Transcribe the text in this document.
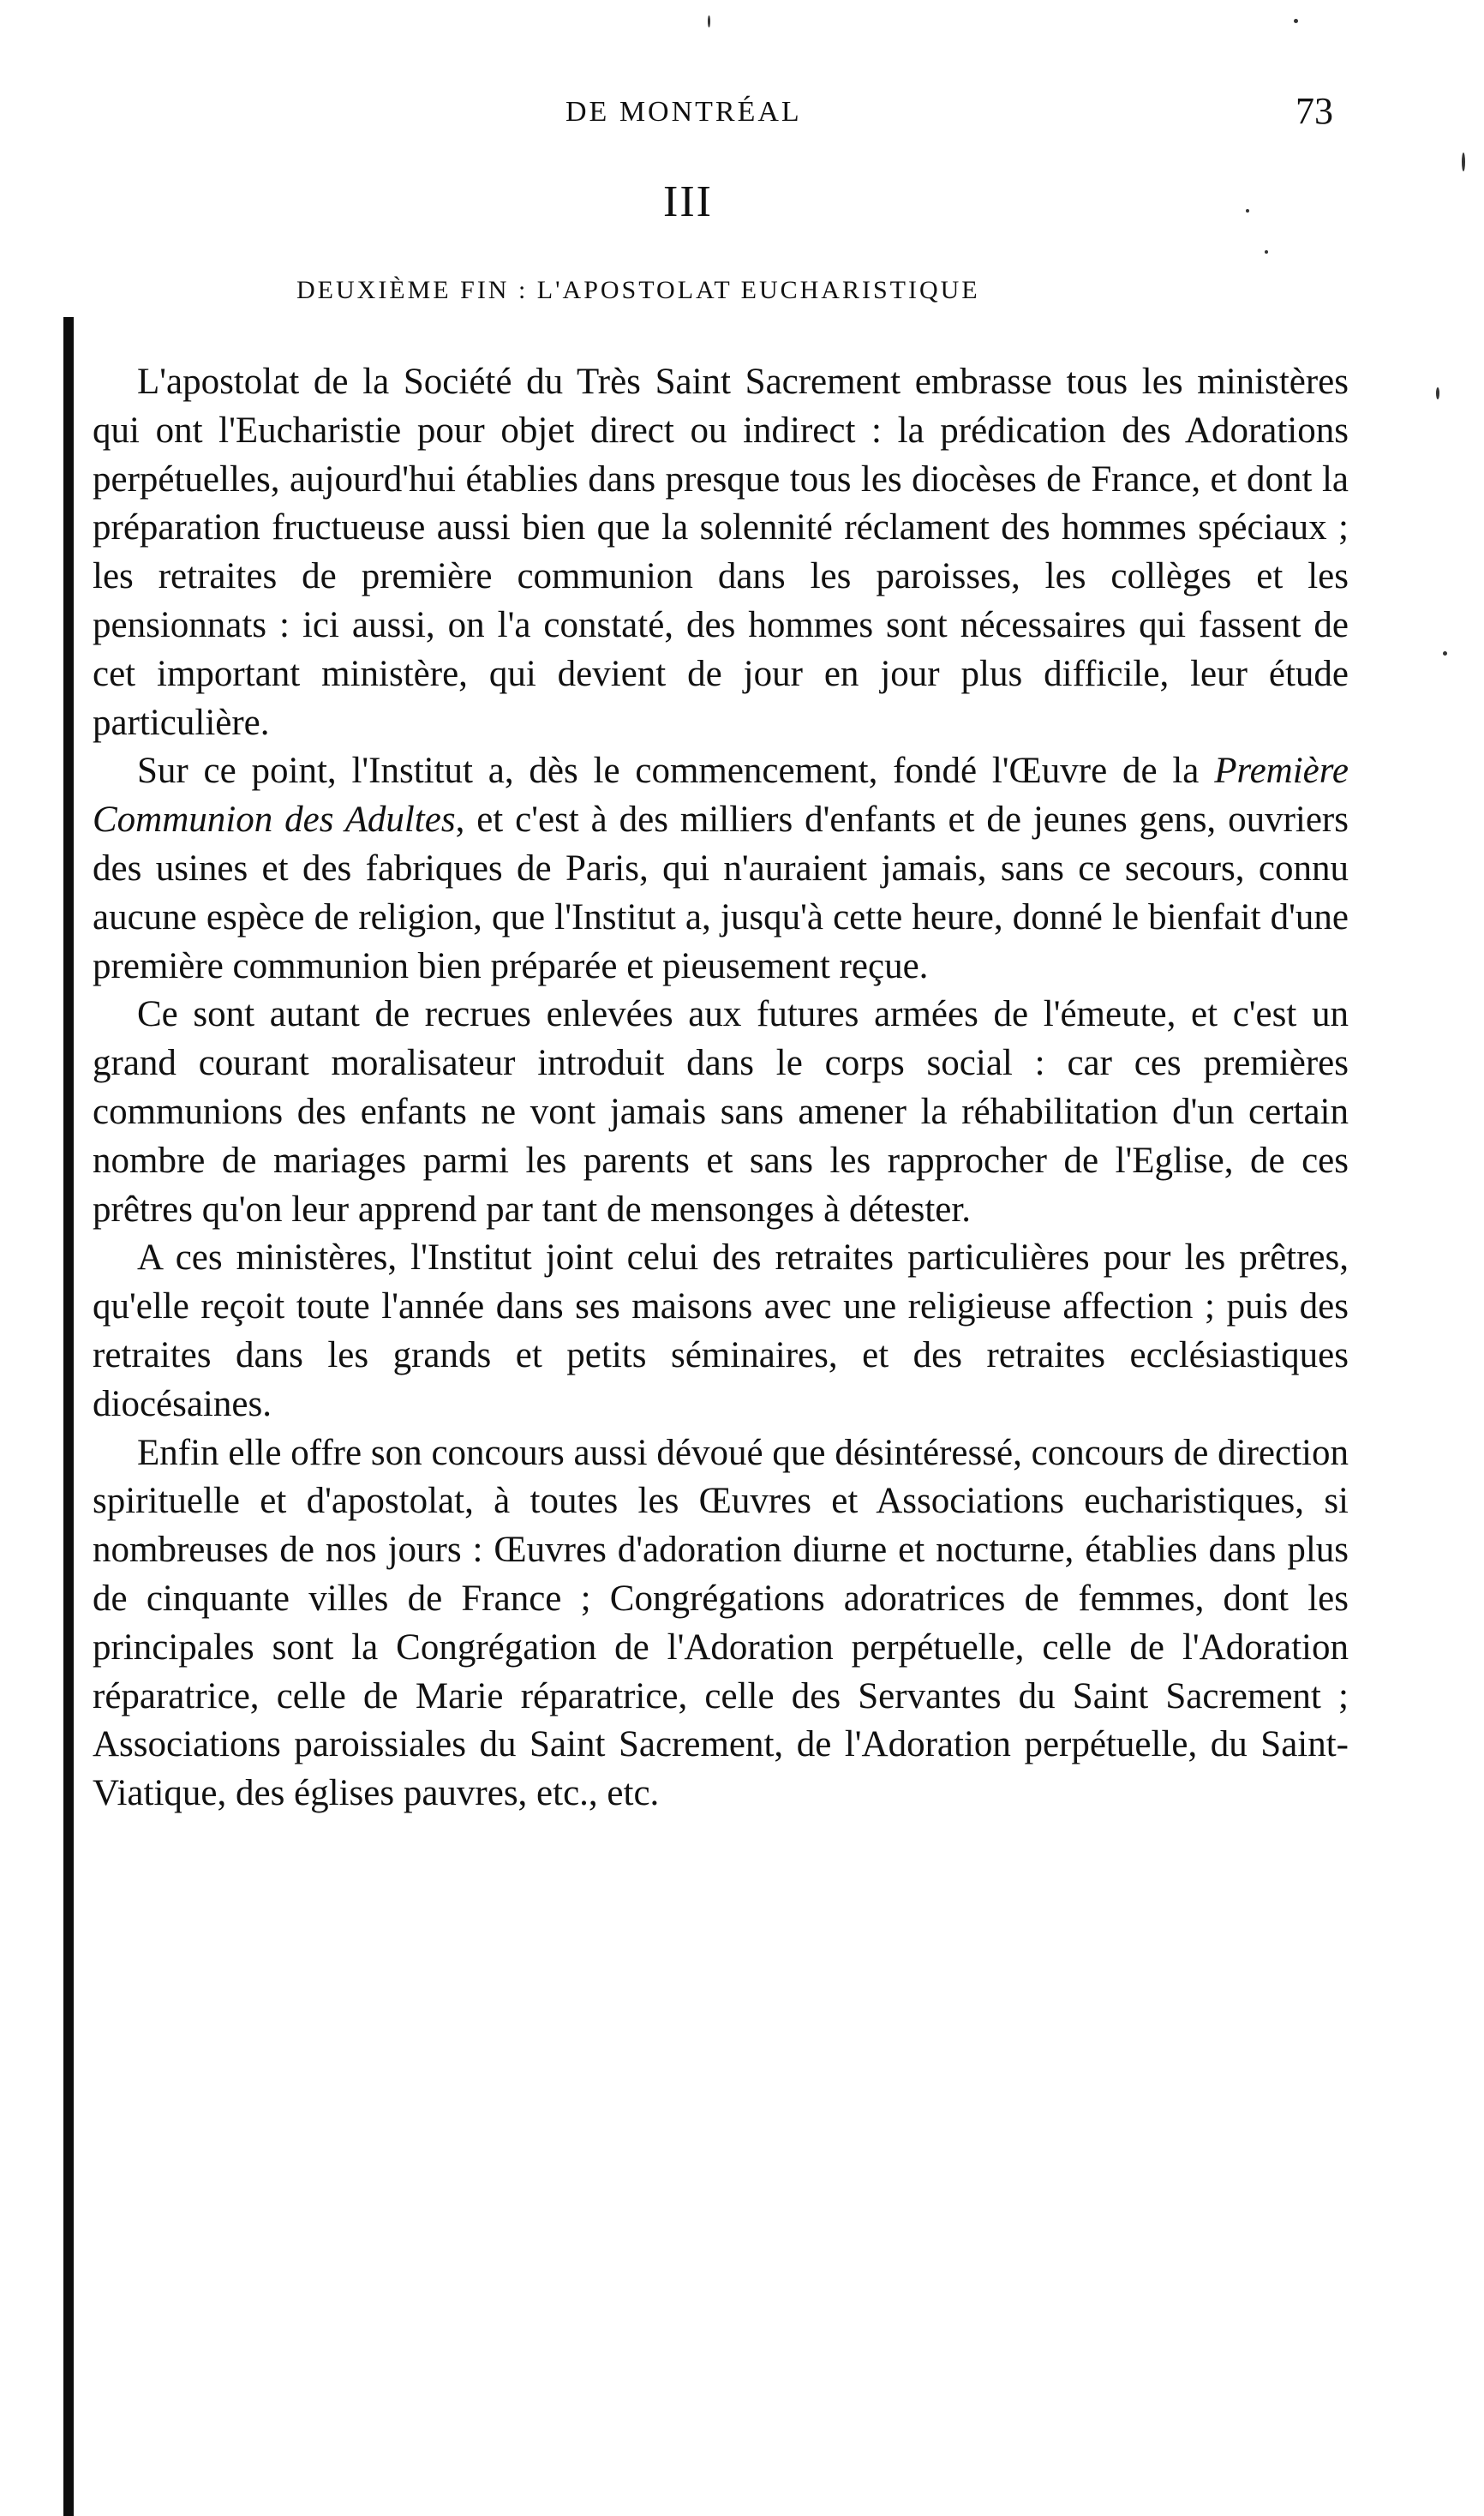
DE MONTRÉAL	73
III
DEUXIÈME FIN : L'APOSTOLAT EUCHARISTIQUE

L'apostolat de la Société du Très Saint Sacrement embrasse tous les ministères qui ont l'Eucharistie pour objet direct ou indirect : la prédication des Adorations perpétuelles, aujourd'hui établies dans presque tous les diocèses de France, et dont la préparation fructueuse aussi bien que la solennité réclament des hommes spéciaux ; les retraites de première communion dans les paroisses, les collèges et les pensionnats : ici aussi, on l'a constaté, des hommes sont nécessaires qui fassent de cet important ministère, qui devient de jour en jour plus difficile, leur étude particulière.

Sur ce point, l'Institut a, dès le commencement, fondé l'Œuvre de la Première Communion des Adultes, et c'est à des milliers d'enfants et de jeunes gens, ouvriers des usines et des fabriques de Paris, qui n'auraient jamais, sans ce secours, connu aucune espèce de religion, que l'Institut a, jusqu'à cette heure, donné le bienfait d'une première communion bien préparée et pieusement reçue.

Ce sont autant de recrues enlevées aux futures armées de l'émeute, et c'est un grand courant moralisateur introduit dans le corps social : car ces premières communions des enfants ne vont jamais sans amener la réhabilitation d'un certain nombre de mariages parmi les parents et sans les rapprocher de l'Eglise, de ces prêtres qu'on leur apprend par tant de mensonges à détester.

A ces ministères, l'Institut joint celui des retraites particulières pour les prêtres, qu'elle reçoit toute l'année dans ses maisons avec une religieuse affection ; puis des retraites dans les grands et petits séminaires, et des retraites ecclésiastiques diocésaines.

Enfin elle offre son concours aussi dévoué que désintéressé, concours de direction spirituelle et d'apostolat, à toutes les Œuvres et Associations eucharistiques, si nombreuses de nos jours : Œuvres d'adoration diurne et nocturne, établies dans plus de cinquante villes de France ; Congrégations adoratrices de femmes, dont les principales sont la Congrégation de l'Adoration perpétuelle, celle de l'Adoration réparatrice, celle de Marie réparatrice, celle des Servantes du Saint Sacrement ; Associations paroissiales du Saint Sacrement, de l'Adoration perpétuelle, du Saint-Viatique, des églises pauvres, etc., etc.
